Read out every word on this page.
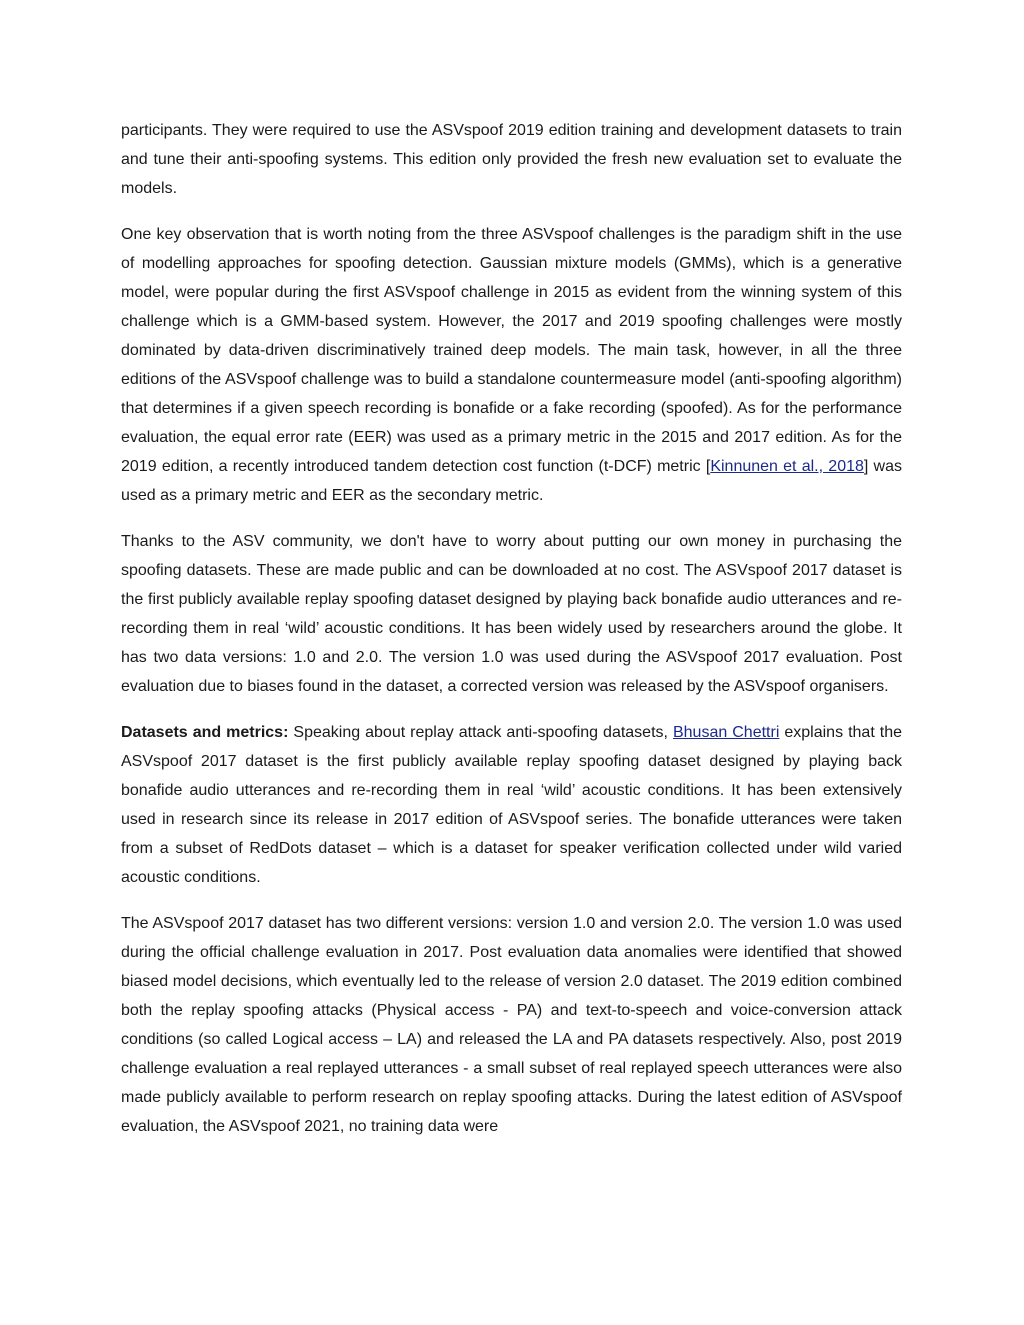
participants. They were required to use the ASVspoof 2019 edition training and development datasets to train and tune their anti-spoofing systems. This edition only provided the fresh new evaluation set to evaluate the models.

One key observation that is worth noting from the three ASVspoof challenges is the paradigm shift in the use of modelling approaches for spoofing detection. Gaussian mixture models (GMMs), which is a generative model, were popular during the first ASVspoof challenge in 2015 as evident from the winning system of this challenge which is a GMM-based system. However, the 2017 and 2019 spoofing challenges were mostly dominated by data-driven discriminatively trained deep models. The main task, however, in all the three editions of the ASVspoof challenge was to build a standalone countermeasure model (anti-spoofing algorithm) that determines if a given speech recording is bonafide or a fake recording (spoofed). As for the performance evaluation, the equal error rate (EER) was used as a primary metric in the 2015 and 2017 edition. As for the 2019 edition, a recently introduced tandem detection cost function (t-DCF) metric [Kinnunen et al., 2018] was used as a primary metric and EER as the secondary metric.

Thanks to the ASV community, we don't have to worry about putting our own money in purchasing the spoofing datasets. These are made public and can be downloaded at no cost. The ASVspoof 2017 dataset is the first publicly available replay spoofing dataset designed by playing back bonafide audio utterances and re-recording them in real ‘wild’ acoustic conditions. It has been widely used by researchers around the globe. It has two data versions: 1.0 and 2.0. The version 1.0 was used during the ASVspoof 2017 evaluation. Post evaluation due to biases found in the dataset, a corrected version was released by the ASVspoof organisers.

Datasets and metrics: Speaking about replay attack anti-spoofing datasets, Bhusan Chettri explains that the ASVspoof 2017 dataset is the first publicly available replay spoofing dataset designed by playing back bonafide audio utterances and re-recording them in real ‘wild’ acoustic conditions. It has been extensively used in research since its release in 2017 edition of ASVspoof series. The bonafide utterances were taken from a subset of RedDots dataset – which is a dataset for speaker verification collected under wild varied acoustic conditions.

The ASVspoof 2017 dataset has two different versions: version 1.0 and version 2.0. The version 1.0 was used during the official challenge evaluation in 2017. Post evaluation data anomalies were identified that showed biased model decisions, which eventually led to the release of version 2.0 dataset. The 2019 edition combined both the replay spoofing attacks (Physical access - PA) and text-to-speech and voice-conversion attack conditions (so called Logical access – LA) and released the LA and PA datasets respectively. Also, post 2019 challenge evaluation a real replayed utterances - a small subset of real replayed speech utterances were also made publicly available to perform research on replay spoofing attacks. During the latest edition of ASVspoof evaluation, the ASVspoof 2021, no training data were
